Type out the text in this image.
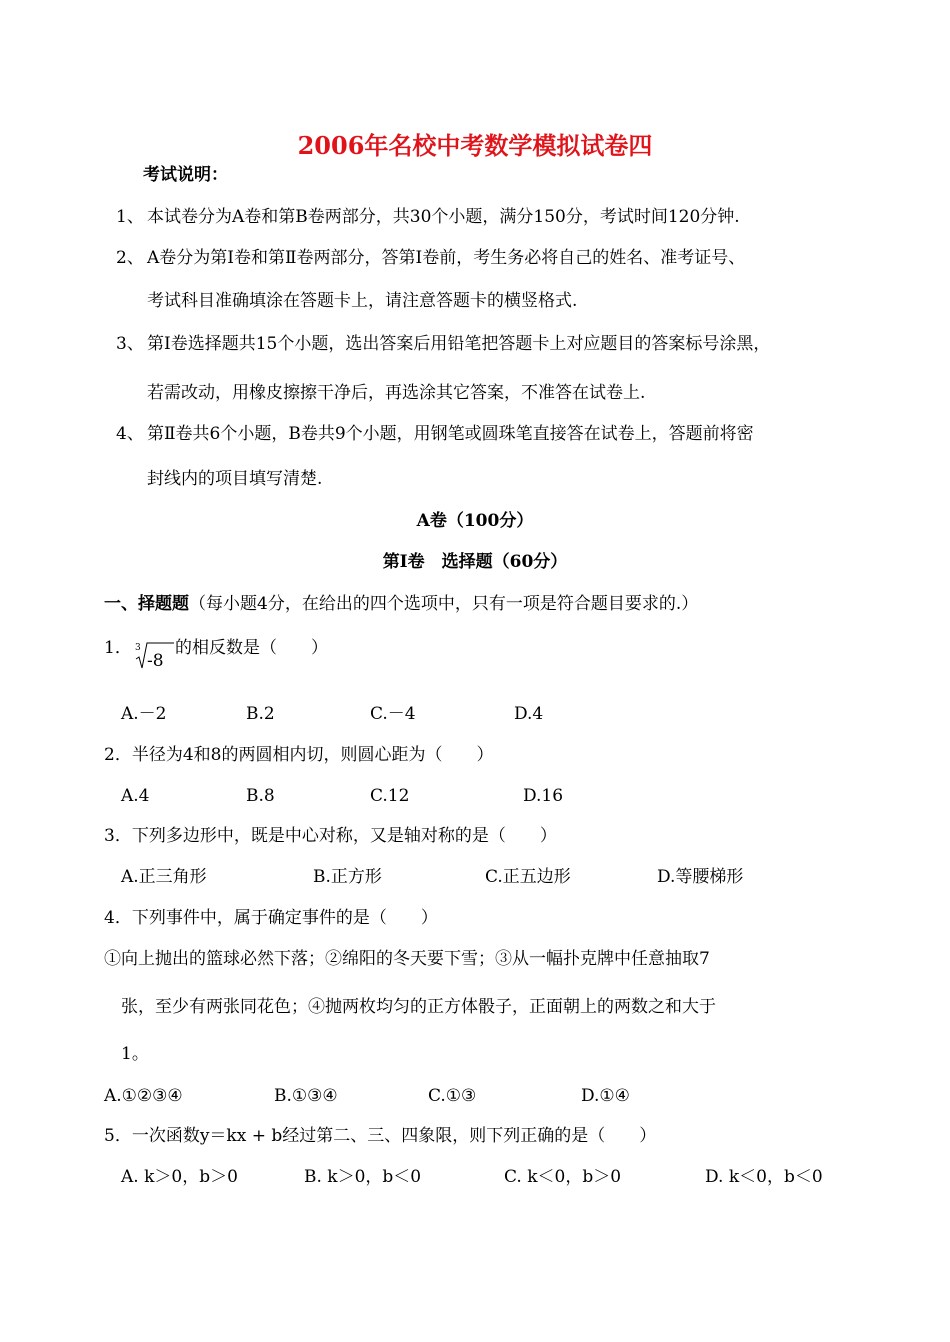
2006年名校中考数学模拟试卷四
考试说明：
1、 本试卷分为A卷和第B卷两部分，共30个小题，满分150分，考试时间120分钟.
2、 A卷分为第Ⅰ卷和第Ⅱ卷两部分，答第Ⅰ卷前，考生务必将自己的姓名、准考证号、
考试科目准确填涂在答题卡上，请注意答题卡的横竖格式.
3、 第Ⅰ卷选择题共15个小题，选出答案后用铅笔把答题卡上对应题目的答案标号涂黑，
若需改动，用橡皮擦擦干净后，再选涂其它答案，不准答在试卷上.
4、 第Ⅱ卷共6个小题，B卷共9个小题，用钢笔或圆珠笔直接答在试卷上，答题前将密
封线内的项目填写清楚.
A卷（100分）
第Ⅰ卷　选择题（60分）
一、择题题（每小题4分，在给出的四个选项中，只有一项是符合题目要求的.）
1． 3
-8
的相反数是（　　）
A.－2	B.2	C.－4	D.4
2．半径为4和8的两圆相内切，则圆心距为（　　）
A.4	B.8	C.12	D.16
3．下列多边形中，既是中心对称，又是轴对称的是（　　）
A.正三角形	B.正方形	C.正五边形	D.等腰梯形
4．下列事件中，属于确定事件的是（　　）
①向上抛出的篮球必然下落；②绵阳的冬天要下雪；③从一幅扑克牌中任意抽取7
张，至少有两张同花色；④抛两枚均匀的正方体骰子，正面朝上的两数之和大于
1。
A.①②③④	B.①③④	C.①③	D.①④
5．一次函数y＝kx + b经过第二、三、四象限，则下列正确的是（　　）
A. k＞0，b＞0	B. k＞0，b＜0	C. k＜0，b＞0	D. k＜0，b＜0
